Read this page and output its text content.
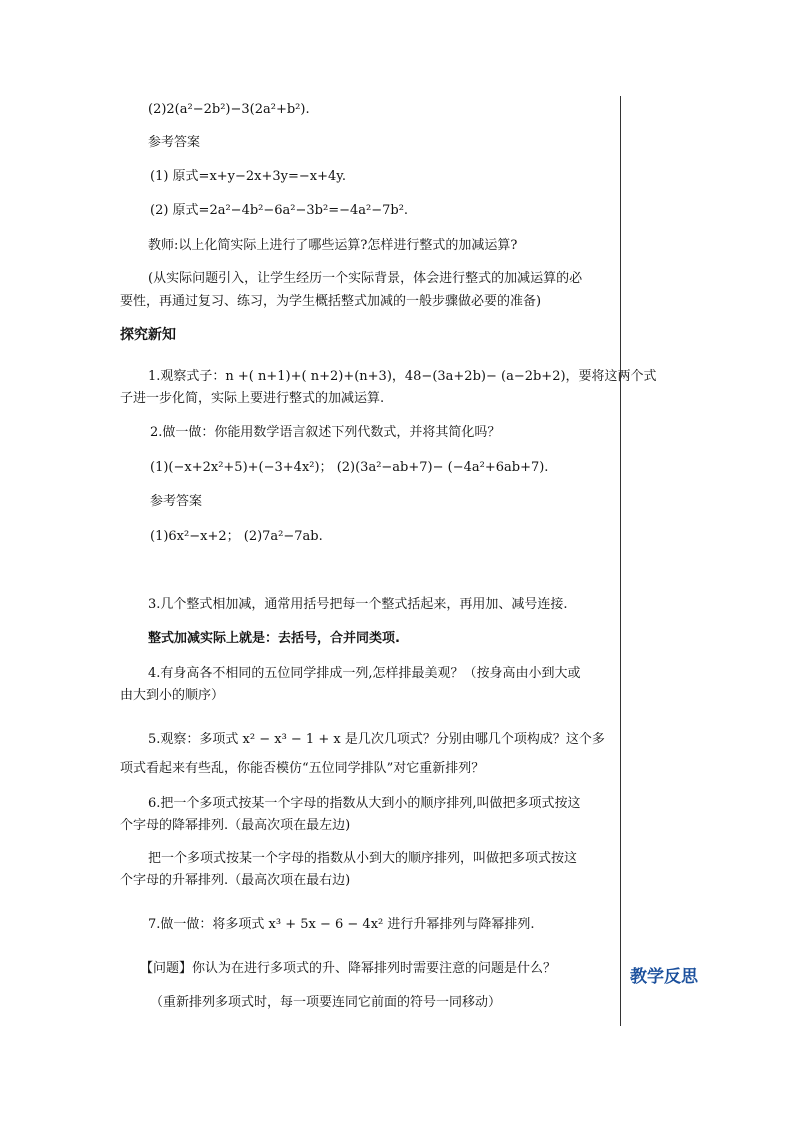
(2)2(a²−2b²)−3(2a²+b²).
参考答案
(1) 原式=x+y−2x+3y=−x+4y.
(2) 原式=2a²−4b²−6a²−3b²=−4a²−7b².
教师:以上化简实际上进行了哪些运算?怎样进行整式的加减运算?
(从实际问题引入，让学生经历一个实际背景，体会进行整式的加减运算的必
要性，再通过复习、练习，为学生概括整式加减的一般步骤做必要的准备)
探究新知
1.观察式子：n +( n+1)+( n+2)+(n+3)，48−(3a+2b)− (a−2b+2)，要将这两个式
子进一步化简，实际上要进行整式的加减运算.
2.做一做：你能用数学语言叙述下列代数式，并将其简化吗？
(1)(−x+2x²+5)+(−3+4x²)； (2)(3a²−ab+7)− (−4a²+6ab+7).
参考答案
(1)6x²−x+2； (2)7a²−7ab.
3.几个整式相加减，通常用括号把每一个整式括起来，再用加、减号连接.
整式加减实际上就是：去括号，合并同类项.
4.有身高各不相同的五位同学排成一列,怎样排最美观？（按身高由小到大或
由大到小的顺序）
5.观察：多项式 x² − x³ − 1 + x 是几次几项式？分别由哪几个项构成？这个多
项式看起来有些乱，你能否模仿“五位同学排队”对它重新排列？
6.把一个多项式按某一个字母的指数从大到小的顺序排列,叫做把多项式按这
个字母的降幂排列.（最高次项在最左边)
把一个多项式按某一个字母的指数从小到大的顺序排列，叫做把多项式按这
个字母的升幂排列.（最高次项在最右边)
7.做一做：将多项式 x³ + 5x − 6 − 4x² 进行升幂排列与降幂排列.
【问题】你认为在进行多项式的升、降幂排列时需要注意的问题是什么？
（重新排列多项式时，每一项要连同它前面的符号一同移动）
教学反思
